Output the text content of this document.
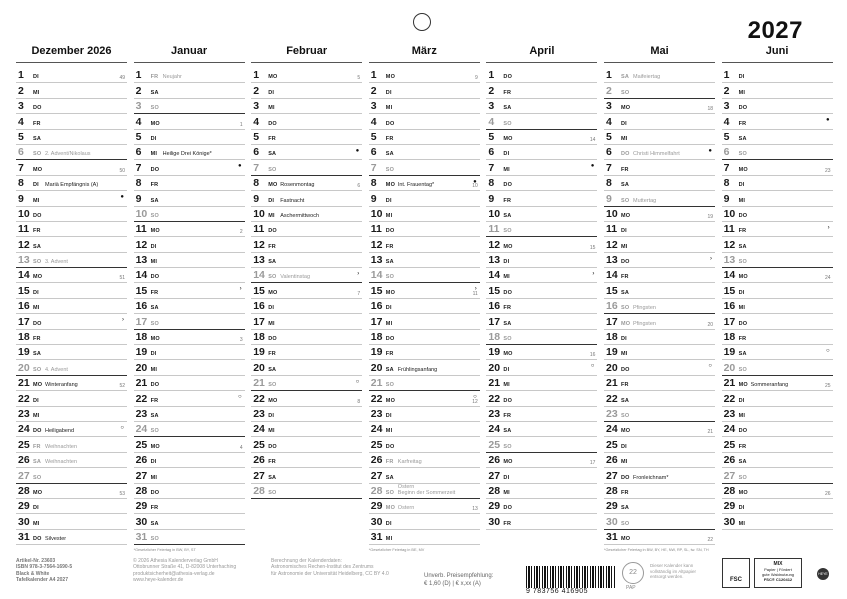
2027
Dezember 2026
1 DI	49
2 MI
3 DO
4 FR
5 SA
6 SO 2. Advent/Nikolaus
7 MO	50
8 DI Mariä Empfängnis (A)
9 MI
●
10 DO
11 FR
12 SA
13 SO 3. Advent
14 MO	51
15 DI
16 MI
17 DO
›
18 FR
19 SA
20 SO 4. Advent
21 MO Winteranfang	52
22 DI
23 MI
24 DO Heiligabend
○
25 FR Weihnachten
26 SA Weihnachten
27 SO
28 MO	53
29 DI
30 MI
31 DO Silvester
Januar
1 FR Neujahr
2 SA
3 SO
4 MO	1
5 DI
6 MI Heilige Drei Könige*
7 DO
●
8 FR
9 SA
10 SO
11 MO	2
12 DI
13 MI
14 DO
15 FR
›
16 SA
17 SO
18 MO	3
19 DI
20 MI
21 DO
22 FR
○
23 SA
24 SO
25 MO	4
26 DI
27 MI
28 DO
29 FR
30 SA
31 SO
*Gesetzlicher Feiertag in BW, BY, ST
Februar
1 MO	5
2 DI
3 MI
4 DO
5 FR
6 SA
●
7 SO
8 MO Rosenmontag	6
9 DI Fastnacht
10 MI Aschermittwoch
11 DO
12 FR
13 SA
14 SO Valentinstag
›
15 MO	7
16 DI
17 MI
18 DO
19 FR
20 SA
21 SO
○
22 MO	8
23 DI
24 MI
25 DO
26 FR
27 SA
28 SO
März
1 MO	9
2 DI
3 MI
4 DO
5 FR
6 SA
7 SO
8 MO Int. Frauentag*	10
●
9 DI
10 MI
11 DO
12 FR
13 SA
14 SO
15 MO	11
›
16 DI
17 MI
18 DO
19 FR
20 SA Frühlingsanfang
21 SO
22 MO	12
○
23 DI
24 MI
25 DO
26 FR Karfreitag
27 SA
28 SO
Ostern
Beginn der Sommerzeit
29 MO Ostern	13
30 DI
31 MI
*Gesetzlicher Feiertag in BE, MV
April
1 DO
2 FR
3 SA
4 SO
5 MO	14
6 DI
7 MI
●
8 DO
9 FR
10 SA
11 SO
12 MO	15
13 DI
14 MI
›
15 DO
16 FR
17 SA
18 SO
19 MO	16
20 DI
○
21 MI
22 DO
23 FR
24 SA
25 SO
26 MO	17
27 DI
28 MI
29 DO
30 FR
Mai
1 SA Maifeiertag
2 SO
3 MO	18
4 DI
5 MI
6 DO Christi Himmelfahrt
●
7 FR
8 SA
9 SO Muttertag
10 MO	19
11 DI
12 MI
13 DO
›
14 FR
15 SA
16 SO Pfingsten
17 MO Pfingsten	20
18 DI
19 MI
20 DO
○
21 FR
22 SA
23 SO
24 MO	21
25 DI
26 MI
27 DO Fronleichnam*
28 FR
29 SA
30 SO
31 MO	22
*Gesetzlicher Feiertag in BW, BY, HE, NW, RP, SL, tw. SN, TH
Juni
1 DI
2 MI
3 DO
4 FR
●
5 SA
6 SO
7 MO	23
8 DI
9 MI
10 DO
11 FR
›
12 SA
13 SO
14 MO	24
15 DI
16 MI
17 DO
18 FR
19 SA
○
20 SO
21 MO Sommeranfang	25
22 DI
23 MI
24 DO
25 FR
26 SA
27 SO
28 MO	26
29 DI
30 MI
Artikel-Nr. 23603
ISBN 978-3-7564-1690-5
Black & White
Tafelkalender A4 2027
© 2026 Athesia Kalenderverlag GmbH
Ottobrunner Straße 41, D-82008 Unterhaching
produktsicherheit@athesia-verlag.de
www.heye-kalender.de
Berechnung der Kalenderdaten:
Astronomisches Rechen-Institut des Zentrums
für Astronomie der Universität Heidelberg, CC BY 4.0	Unverb. Preisempfehlung:
€ 1,60 (D) | € x,xx (A)
9 783756 416905
22
PAP
Dieser Kalender kann
vollständig im Altpapier
entsorgt werden.
FSC
MIX
Papier | Fördert
gute Waldnutzung
FSC® C120412
HEYE
